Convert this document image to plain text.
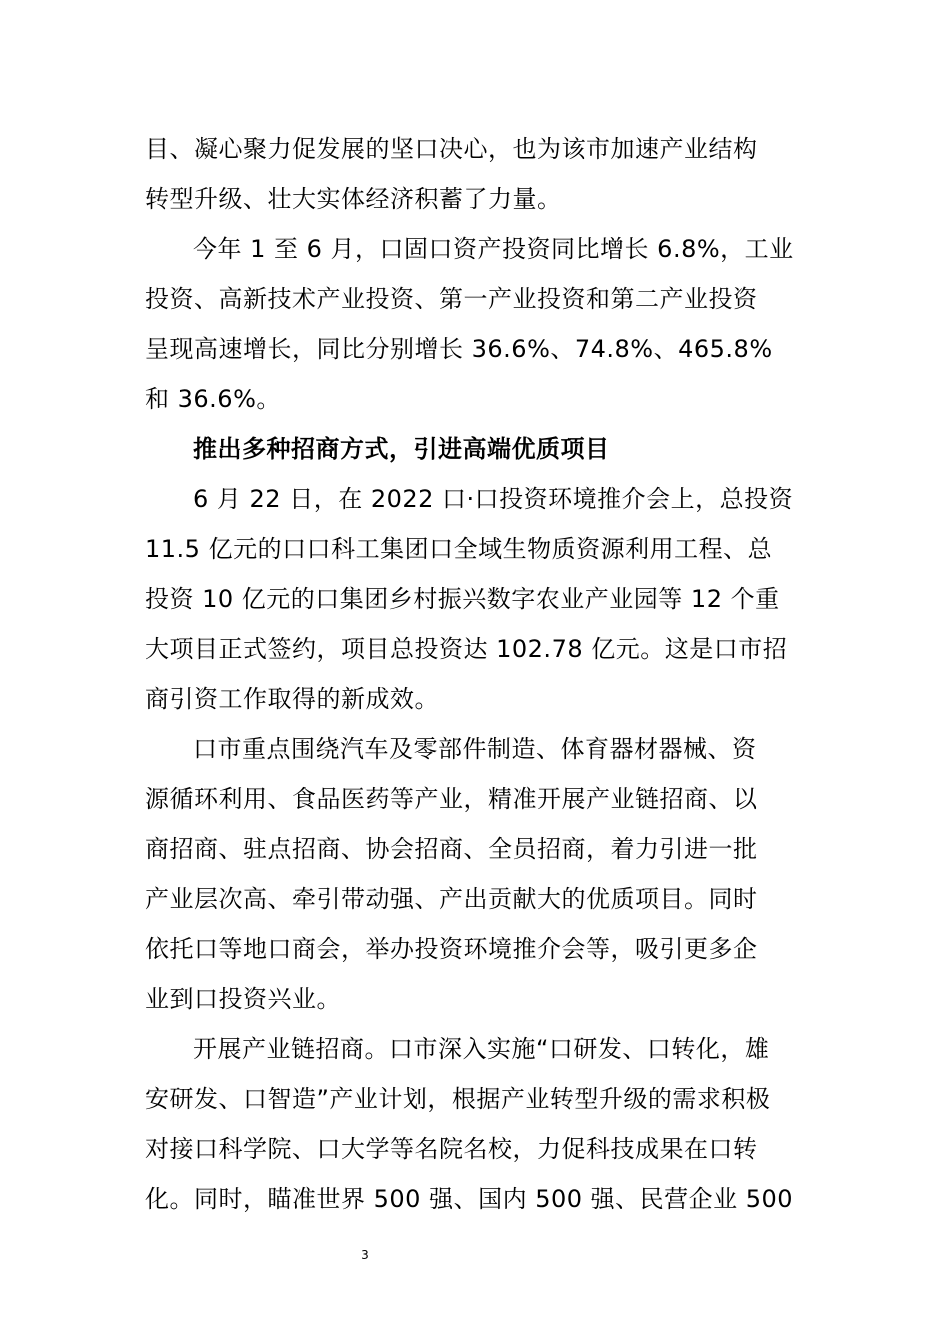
目、凝心聚力促发展的坚口决心，也为该市加速产业结构
转型升级、壮大实体经济积蓄了力量。
今年 1 至 6 月，口固口资产投资同比增长 6.8%，工业
投资、高新技术产业投资、第一产业投资和第二产业投资
呈现高速增长，同比分别增长 36.6%、74.8%、465.8%
和 36.6%。
推出多种招商方式，引进高端优质项目
6 月 22 日，在 2022 口·口投资环境推介会上，总投资
11.5 亿元的口口科工集团口全域生物质资源利用工程、总
投资 10 亿元的口集团乡村振兴数字农业产业园等 12 个重
大项目正式签约，项目总投资达 102.78 亿元。这是口市招
商引资工作取得的新成效。
口市重点围绕汽车及零部件制造、体育器材器械、资
源循环利用、食品医药等产业，精准开展产业链招商、以
商招商、驻点招商、协会招商、全员招商，着力引进一批
产业层次高、牵引带动强、产出贡献大的优质项目。同时
依托口等地口商会，举办投资环境推介会等，吸引更多企
业到口投资兴业。
开展产业链招商。口市深入实施“口研发、口转化，雄
安研发、口智造”产业计划，根据产业转型升级的需求积极
对接口科学院、口大学等名院名校，力促科技成果在口转
化。同时，瞄准世界 500 强、国内 500 强、民营企业 500
3
